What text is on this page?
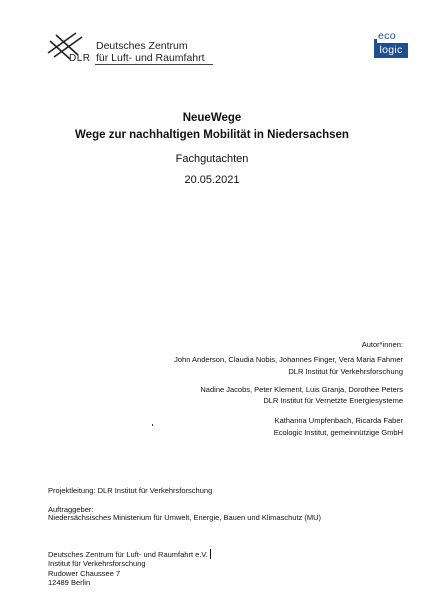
DLR
Deutsches Zentrum
für Luft- und Raumfahrt
eco
logic
NeueWege
Wege zur nachhaltigen Mobilität in Niedersachsen
Fachgutachten
20.05.2021
Autor*innen:
John Anderson, Claudia Nobis, Johannes Finger, Vera Maria Fahmer
DLR Institut für Verkehrsforschung
Nadine Jacobs, Peter Klement, Luis Granja, Dorothee Peters
DLR Institut für Vernetzte Energiesysteme
Katharina Umpfenbach, Ricarda Faber
Ecologic Institut, gemeinnützige GmbH
Projektleitung: DLR Institut für Verkehrsforschung
Auftraggeber:
Niedersächsisches Ministerium für Umwelt, Energie, Bauen und Klimaschutz (MU)
Deutsches Zentrum für Luft- und Raumfahrt e.V.
Institut für Verkehrsforschung
Rudower Chaussee 7
12489 Berlin
